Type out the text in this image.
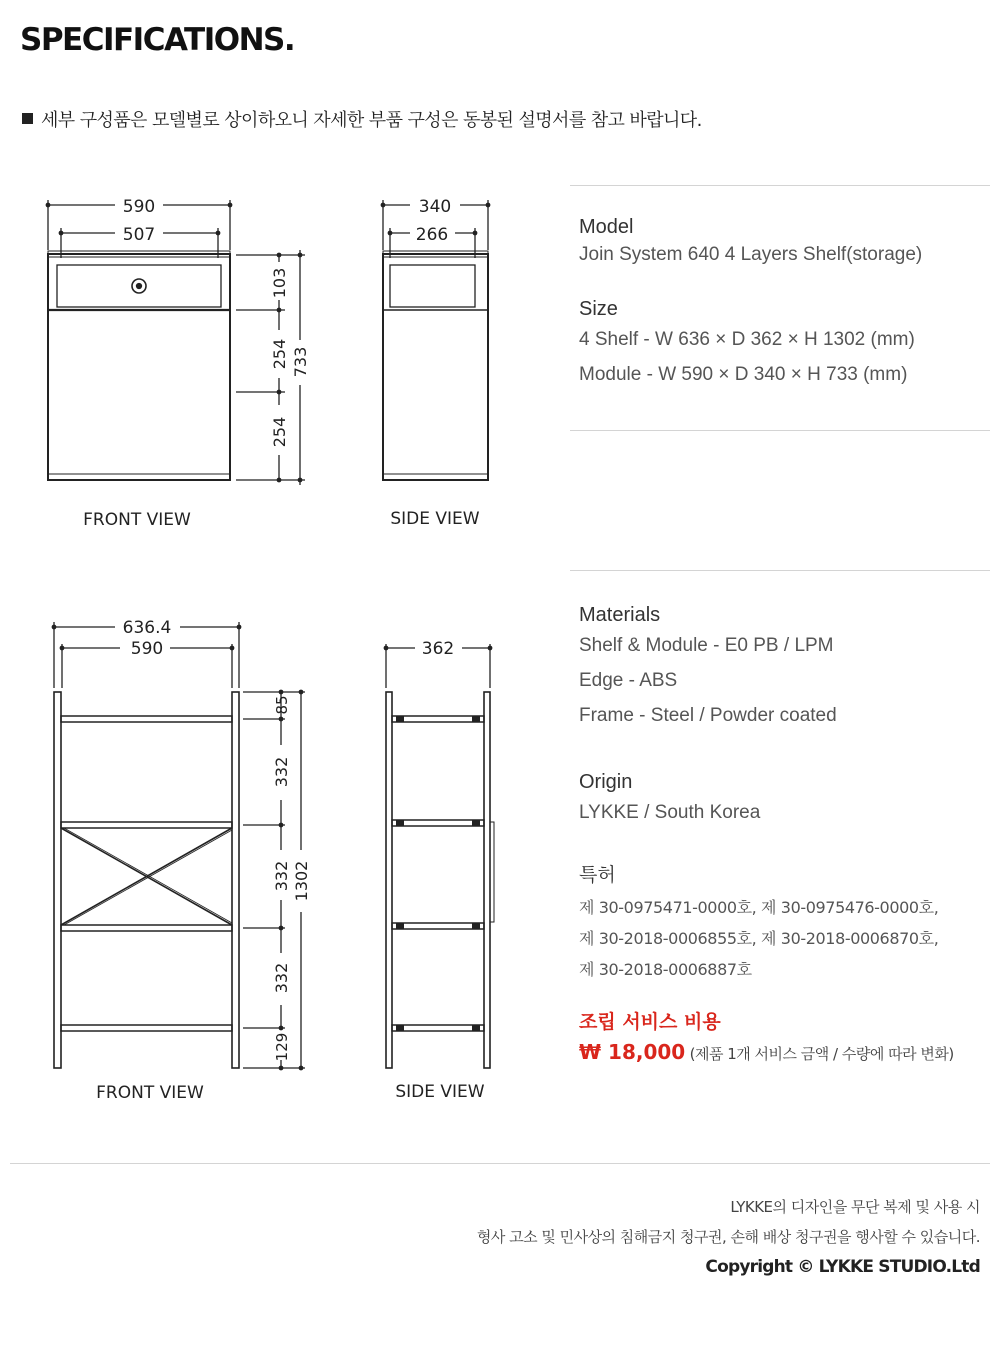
SPECIFICATIONS.
세부 구성품은 모델별로 상이하오니 자세한 부품 구성은 동봉된 설명서를 참고 바랍니다.
590
507
103
254
254
733
340
266
FRONT VIEW	SIDE VIEW
636.4
590
85
332
332
332
129
1302
362
FRONT VIEW	SIDE VIEW

Model

Join System 640 4 Layers Shelf(storage)

Size

4 Shelf - W 636 × D 362 × H 1302 (mm)

Module - W 590 × D 340 × H 733 (mm)

Materials

Shelf & Module - E0 PB / LPM

Edge - ABS

Frame - Steel / Powder coated

Origin

LYKKE / South Korea

특허

제 30-0975471-0000호, 제 30-0975476-0000호,

제 30-2018-0006855호, 제 30-2018-0006870호,

제 30-2018-0006887호

조립 서비스 비용

₩ 18,000 (제품 1개 서비스 금액 / 수량에 따라 변화)

LYKKE의 디자인을 무단 복제 및 사용 시

형사 고소 및 민사상의 침해금지 청구권, 손해 배상 청구권을 행사할 수 있습니다.

Copyright © LYKKE STUDIO.Ltd
